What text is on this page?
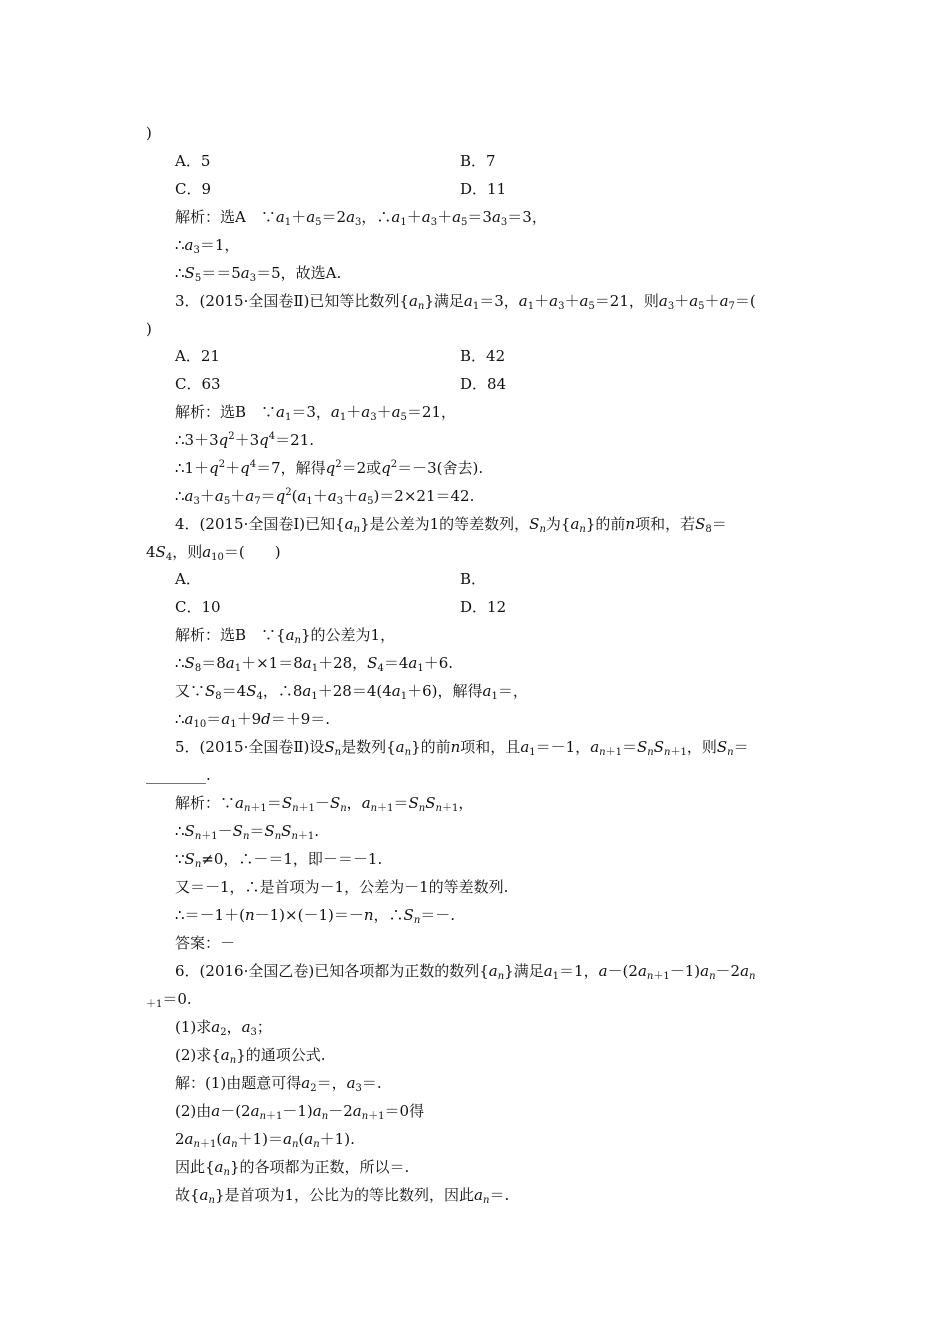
)
A．5	B．7
C．9	D．11
解析：选A　$\because a_1+a_5=2a_3$，$\therefore a_1+a_3+a_5=3a_3=3$，
$\therefore a_3=1$，
$\therefore S_5==5a_3=5$，故选A.
3．(2015·全国卷Ⅱ)已知等比数列$\{a_n\}$满足$a_1=3$，$a_1+a_3+a_5=21$，则$a_3+a_5+a_7=$(
)
A．21	B．42
C．63	D．84
解析：选B　$\because a_1=3$，$a_1+a_3+a_5=21$，
$\therefore 3+3q^2+3q^4=21$.
$\therefore 1+q^2+q^4=7$，解得$q^2=2$或$q^2=-3$(舍去).
$\therefore a_3+a_5+a_7=q^2(a_1+a_3+a_5)=2\times 21=42$.
4．(2015·全国卷Ⅰ)已知$\{a_n\}$是公差为1的等差数列，$S_n$为$\{a_n\}$的前n项和，若$S_8=$
$4S_4$，则$a_{10}=$(　　)
A．	B．
C．10	D．12
解析：选B　$\because\{a_n\}$的公差为1，
$\therefore S_8=8a_1+\times 1=8a_1+28$，$S_4=4a_1+6$.
又$\because S_8=4S_4$，$\therefore 8a_1+28=4(4a_1+6)$，解得$a_1=$，
$\therefore a_{10}=a_1+9d=+9=$.
5．(2015·全国卷Ⅱ)设$S_n$是数列$\{a_n\}$的前n项和，且$a_1=-1$，$a_{n+1}=S_nS_{n+1}$，则$S_n=$
________.
解析：$\because a_{n+1}=S_{n+1}-S_n$，$a_{n+1}=S_nS_{n+1}$，
$\therefore S_{n+1}-S_n=S_nS_{n+1}$.
$\because S_n\ne 0$，∴－＝1，即－＝－1.
又＝－1，∴是首项为－1，公差为－1的等差数列.
∴＝－1＋(n－1)×(－1)＝－n，$\therefore S_n=-$.
答案：－
6．(2016·全国乙卷)已知各项都为正数的数列$\{a_n\}$满足$a_1=1$，$a-(2a_{n+1}-1)a_n-2a_n$
$_{+1}$＝0.
(1)求$a_2$，$a_3$；
(2)求$\{a_n\}$的通项公式.
解：(1)由题意可得$a_2=$，$a_3=$.
(2)由$a-(2a_{n+1}-1)a_n-2a_{n+1}=0$得
$2a_{n+1}(a_n+1)=a_n(a_n+1)$.
因此$\{a_n\}$的各项都为正数，所以＝.
故$\{a_n\}$是首项为1，公比为的等比数列，因此$a_n=$.
